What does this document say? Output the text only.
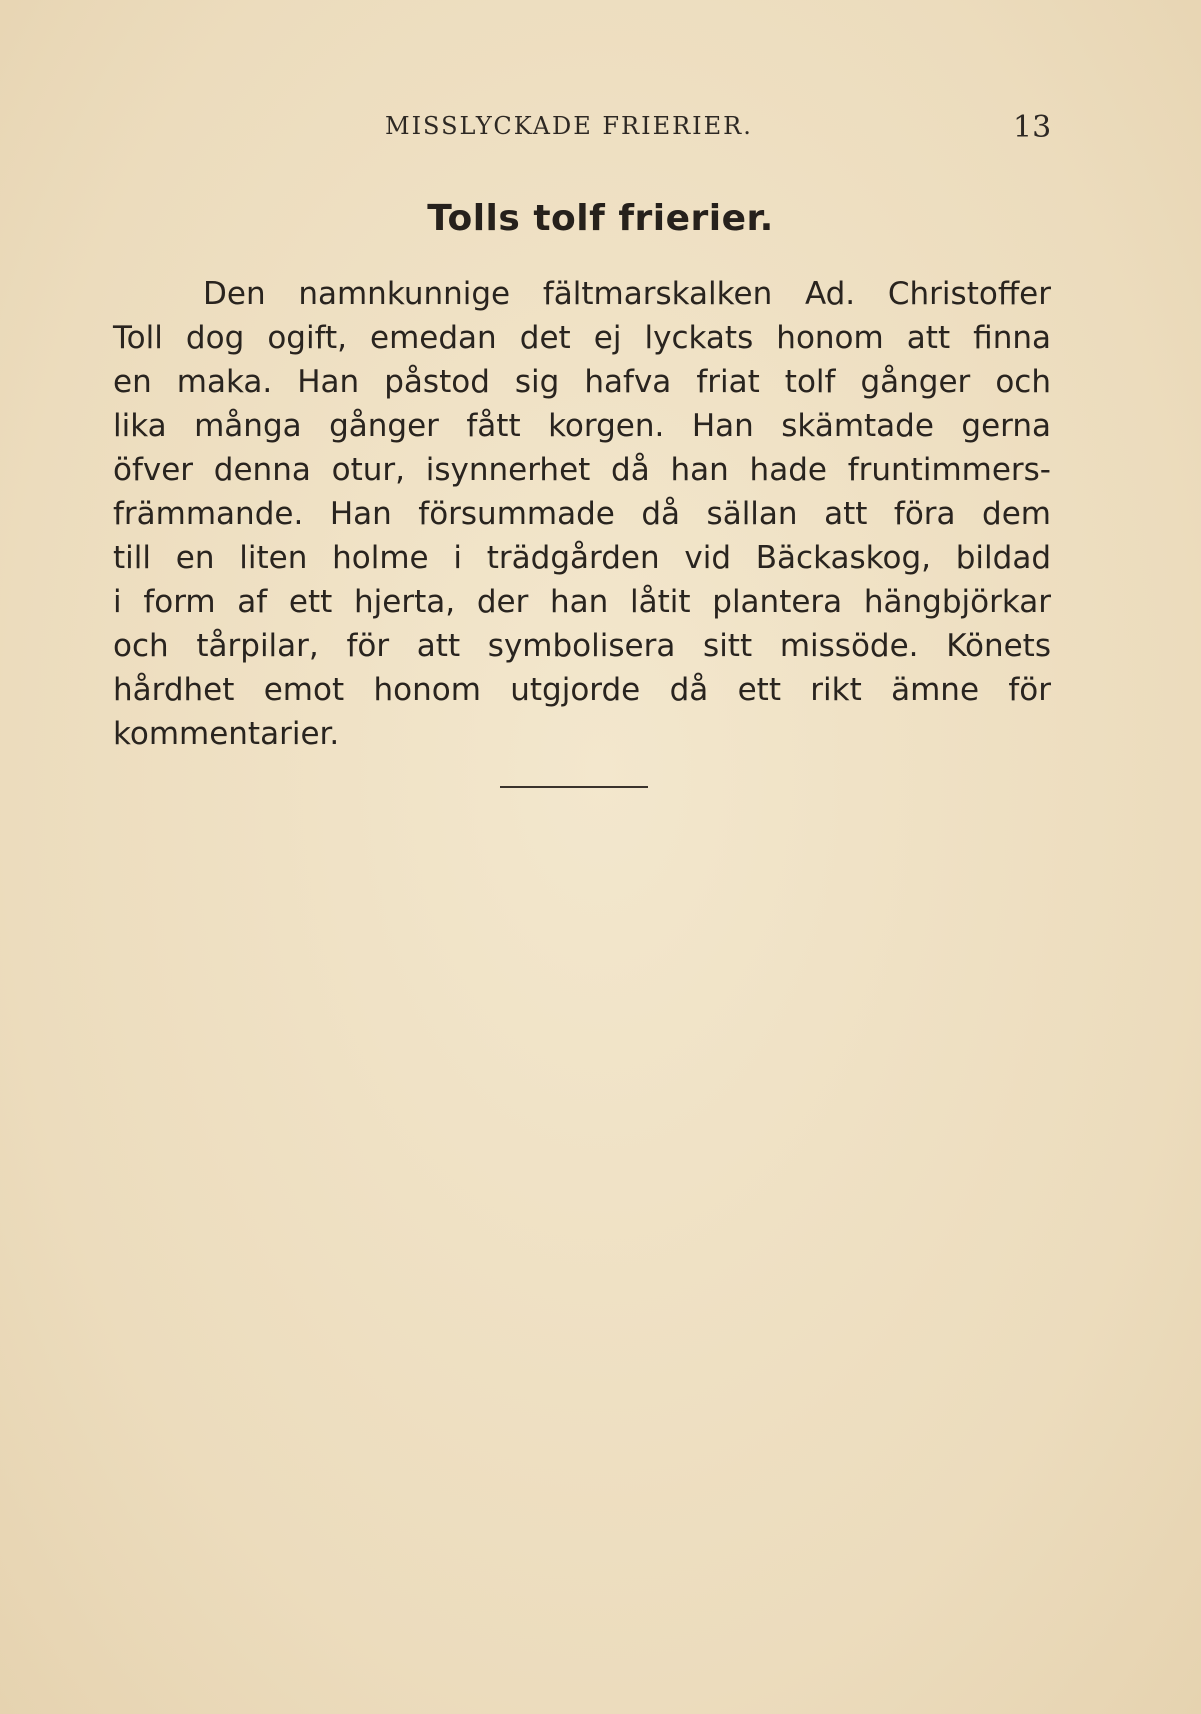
MISSLYCKADE FRIERIER.	13
Tolls tolf frierier.
Den namnkunnige fältmarskalken Ad. Christoffer
Toll dog ogift, emedan det ej lyckats honom att finna
en maka. Han påstod sig hafva friat tolf gånger och
lika många gånger fått korgen. Han skämtade gerna
öfver denna otur, isynnerhet då han hade fruntimmers-
främmande. Han försummade då sällan att föra dem
till en liten holme i trädgården vid Bäckaskog, bildad
i form af ett hjerta, der han låtit plantera hängbjörkar
och tårpilar, för att symbolisera sitt missöde. Könets
hårdhet emot honom utgjorde då ett rikt ämne för
kommentarier.
